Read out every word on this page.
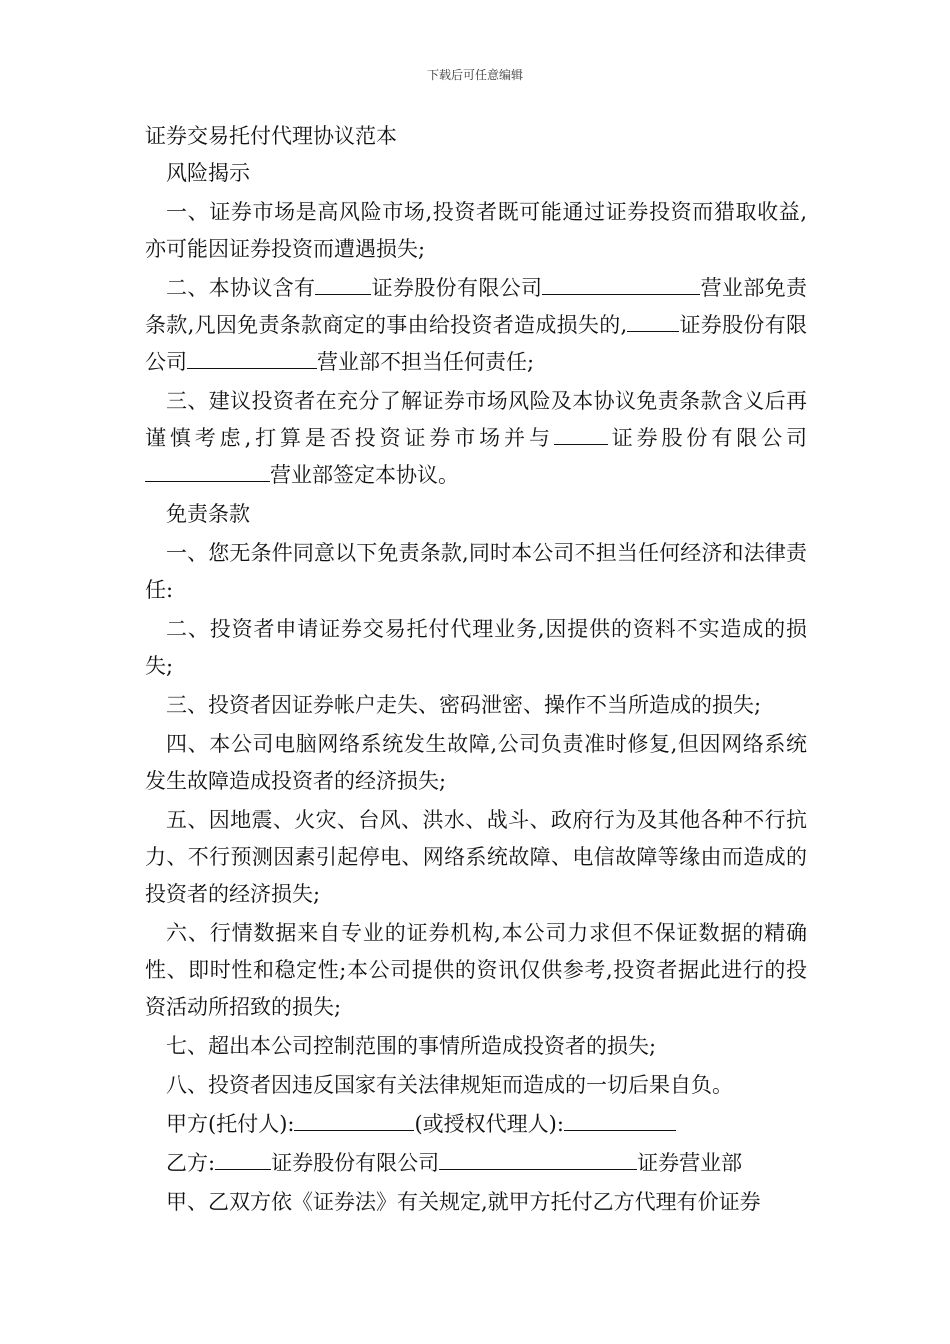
下载后可任意编辑
证券交易托付代理协议范本
风险揭示
一、证券市场是高风险市场,投资者既可能通过证券投资而猎取收益,亦可能因证券投资而遭遇损失;
二、本协议含有	证券股份有限公司	营业部免责条款,凡因免责条款商定的事由给投资者造成损失的, 证券股份有限公司	营业部不担当任何责任;
三、建议投资者在充分了解证券市场风险及本协议免责条款含义后再谨慎考虑,打算是否投资证券市场并与	证券股份有限公司营业部签定本协议。
免责条款
一、您无条件同意以下免责条款,同时本公司不担当任何经济和法律责任:
二、投资者申请证券交易托付代理业务,因提供的资料不实造成的损失;
三、投资者因证券帐户走失、密码泄密、操作不当所造成的损失;
四、本公司电脑网络系统发生故障,公司负责准时修复,但因网络系统发生故障造成投资者的经济损失;
五、因地震、火灾、台风、洪水、战斗、政府行为及其他各种不行抗力、不行预测因素引起停电、网络系统故障、电信故障等缘由而造成的投资者的经济损失;
六、行情数据来自专业的证券机构,本公司力求但不保证数据的精确性、即时性和稳定性;本公司提供的资讯仅供参考,投资者据此进行的投资活动所招致的损失;
七、超出本公司控制范围的事情所造成投资者的损失;
八、投资者因违反国家有关法律规矩而造成的一切后果自负。
甲方(托付人):	(或授权代理人):
乙方:	证券股份有限公司	证券营业部
甲、乙双方依《证券法》有关规定,就甲方托付乙方代理有价证券
